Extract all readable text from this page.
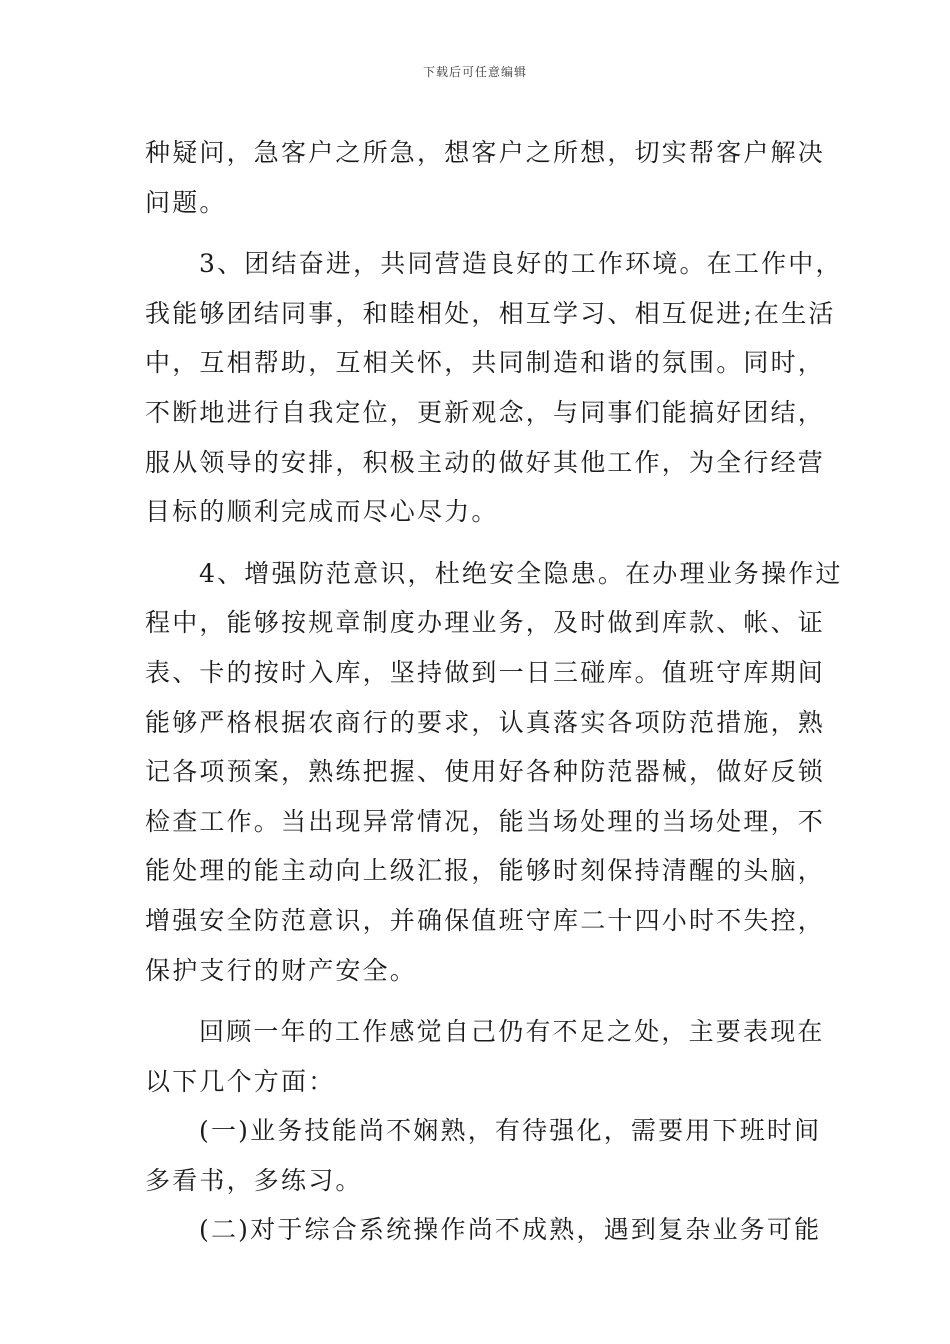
下载后可任意编辑
种疑问，急客户之所急，想客户之所想，切实帮客户解决
问题。
3、团结奋进，共同营造良好的工作环境。在工作中，
我能够团结同事，和睦相处，相互学习、相互促进;在生活
中，互相帮助，互相关怀，共同制造和谐的氛围。同时，
不断地进行自我定位，更新观念，与同事们能搞好团结，
服从领导的安排，积极主动的做好其他工作，为全行经营
目标的顺利完成而尽心尽力。
4、增强防范意识，杜绝安全隐患。在办理业务操作过
程中，能够按规章制度办理业务，及时做到库款、帐、证
表、卡的按时入库，坚持做到一日三碰库。值班守库期间
能够严格根据农商行的要求，认真落实各项防范措施，熟
记各项预案，熟练把握、使用好各种防范器械，做好反锁
检查工作。当出现异常情况，能当场处理的当场处理，不
能处理的能主动向上级汇报，能够时刻保持清醒的头脑，
增强安全防范意识，并确保值班守库二十四小时不失控，
保护支行的财产安全。
回顾一年的工作感觉自己仍有不足之处，主要表现在
以下几个方面：
(一)业务技能尚不娴熟，有待强化，需要用下班时间
多看书，多练习。
(二)对于综合系统操作尚不成熟，遇到复杂业务可能
